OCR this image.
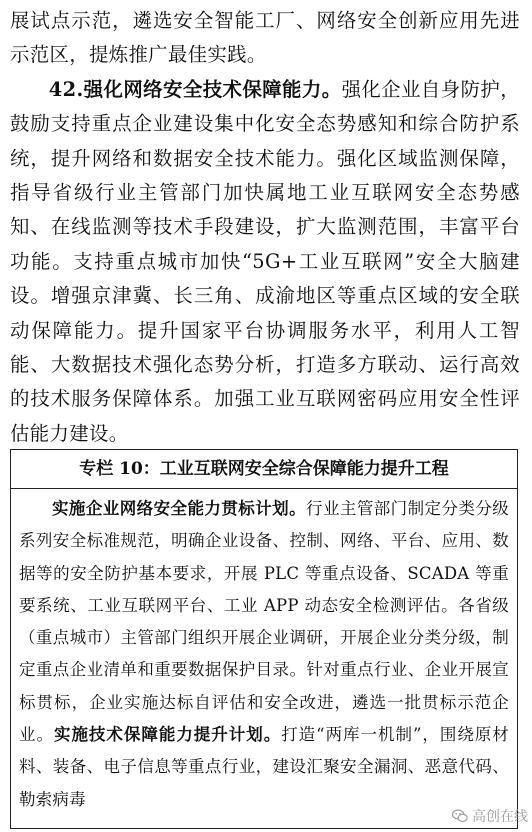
展试点示范，遴选安全智能工厂、网络安全创新应用先进示范区，提炼推广最佳实践。

42.强化网络安全技术保障能力。强化企业自身防护，鼓励支持重点企业建设集中化安全态势感知和综合防护系统，提升网络和数据安全技术能力。强化区域监测保障，指导省级行业主管部门加快属地工业互联网安全态势感知、在线监测等技术手段建设，扩大监测范围，丰富平台功能。支持重点城市加快“5G+工业互联网”安全大脑建设。增强京津冀、长三角、成渝地区等重点区域的安全联动保障能力。提升国家平台协调服务水平，利用人工智能、大数据技术强化态势分析，打造多方联动、运行高效的技术服务保障体系。加强工业互联网密码应用安全性评估能力建设。

专栏 10：工业互联网安全综合保障能力提升工程

实施企业网络安全能力贯标计划。行业主管部门制定分类分级系列安全标准规范，明确企业设备、控制、网络、平台、应用、数据等的安全防护基本要求，开展 PLC 等重点设备、SCADA 等重要系统、工业互联网平台、工业 APP 动态安全检测评估。各省级（重点城市）主管部门组织开展企业调研，开展企业分类分级，制定重点企业清单和重要数据保护目录。针对重点行业、企业开展宣标贯标，企业实施达标自评估和安全改进，遴选一批贯标示范企业。实施技术保障能力提升计划。打造“两库一机制”，围绕原材料、装备、电子信息等重点行业，建设汇聚安全漏洞、恶意代码、勒索病毒

高创在线
